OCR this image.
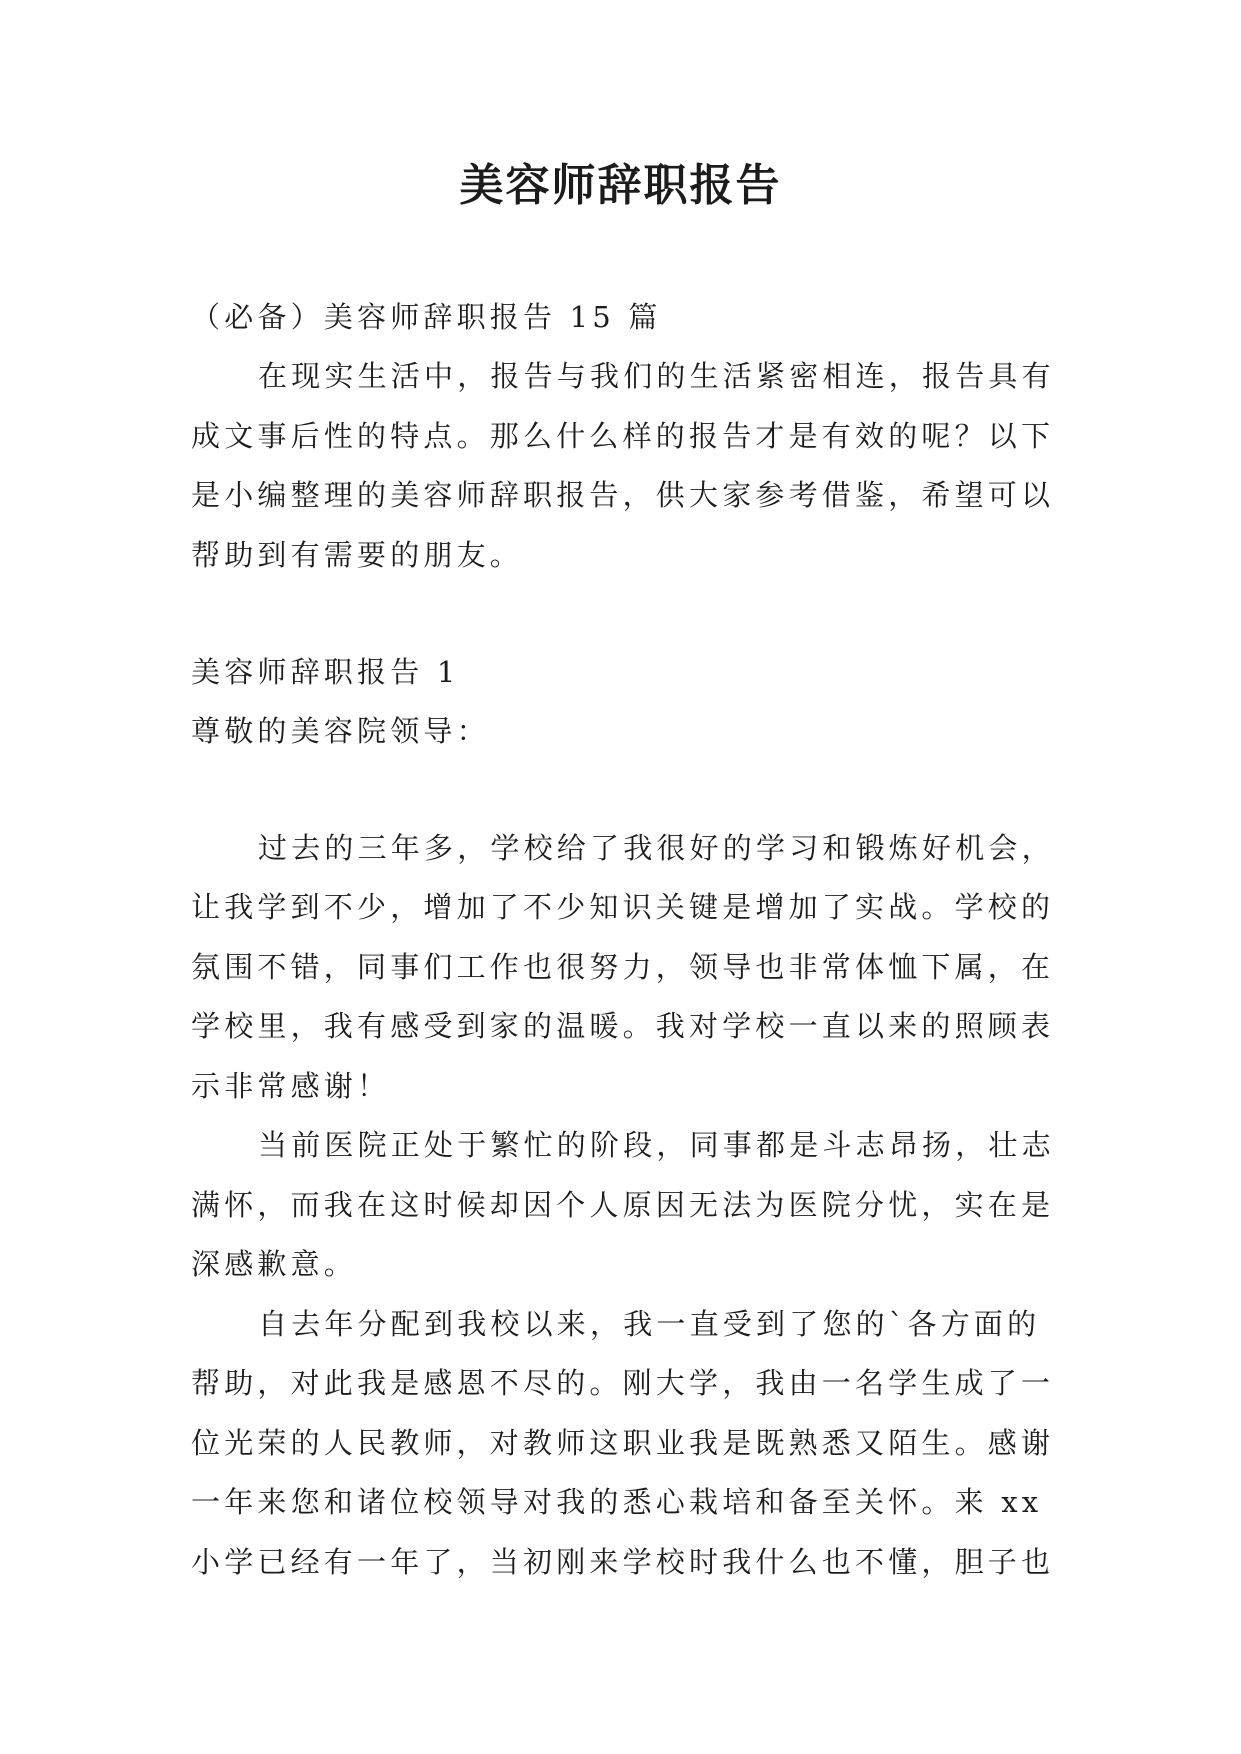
美容师辞职报告
（必备）美容师辞职报告 15 篇
在现实生活中，报告与我们的生活紧密相连，报告具有
成文事后性的特点。那么什么样的报告才是有效的呢？以下
是小编整理的美容师辞职报告，供大家参考借鉴，希望可以
帮助到有需要的朋友。
美容师辞职报告 1
尊敬的美容院领导：
过去的三年多，学校给了我很好的学习和锻炼好机会，
让我学到不少，增加了不少知识关键是增加了实战。学校的
氛围不错，同事们工作也很努力，领导也非常体恤下属，在
学校里，我有感受到家的温暖。我对学校一直以来的照顾表
示非常感谢！
当前医院正处于繁忙的阶段，同事都是斗志昂扬，壮志
满怀，而我在这时候却因个人原因无法为医院分忧，实在是
深感歉意。
自去年分配到我校以来，我一直受到了您的`各方面的
帮助，对此我是感恩不尽的。刚大学，我由一名学生成了一
位光荣的人民教师，对教师这职业我是既熟悉又陌生。感谢
一年来您和诸位校领导对我的悉心栽培和备至关怀。来 xx
小学已经有一年了，当初刚来学校时我什么也不懂，胆子也
